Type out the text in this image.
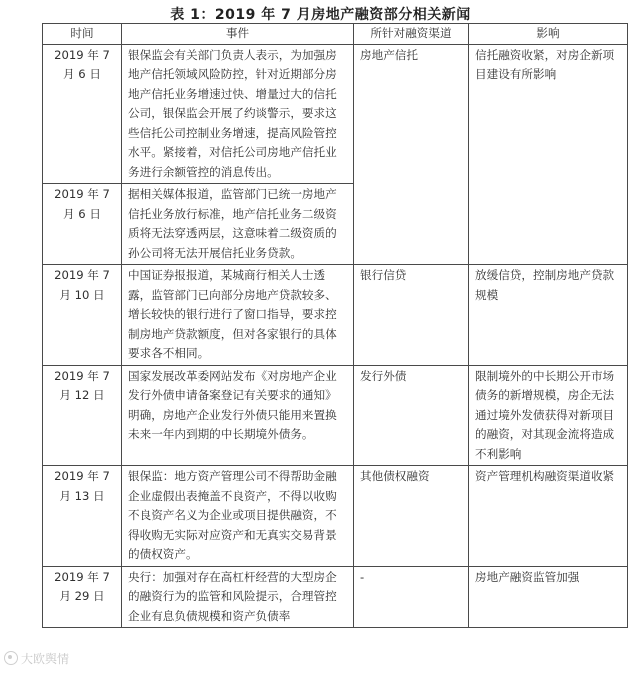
表 1：2019 年 7 月房地产融资部分相关新闻
时间	事件	所针对融资渠道	影响
2019 年 7 月 6 日	银保监会有关部门负责人表示，为加强房地产信托领域风险防控，针对近期部分房地产信托业务增速过快、增量过大的信托公司，银保监会开展了约谈警示，要求这些信托公司控制业务增速，提高风险管控水平。紧接着，对信托公司房地产信托业务进行余额管控的消息传出。	房地产信托	信托融资收紧，对房企新项目建设有所影响
2019 年 7 月 6 日	据相关媒体报道，监管部门已统一房地产信托业务放行标准，地产信托业务二级资质将无法穿透两层，这意味着二级资质的孙公司将无法开展信托业务贷款。		
2019 年 7 月 10 日	中国证券报报道，某城商行相关人士透露，监管部门已向部分房地产贷款较多、增长较快的银行进行了窗口指导，要求控制房地产贷款额度，但对各家银行的具体要求各不相同。	银行信贷	放缓信贷，控制房地产贷款规模
2019 年 7 月 12 日	国家发展改革委网站发布《对房地产企业发行外债申请备案登记有关要求的通知》明确，房地产企业发行外债只能用来置换未来一年内到期的中长期境外债务。	发行外债	限制境外的中长期公开市场债务的新增规模，房企无法通过境外发债获得对新项目的融资，对其现金流将造成不利影响
2019 年 7 月 13 日	银保监：地方资产管理公司不得帮助金融企业虚假出表掩盖不良资产，不得以收购不良资产名义为企业或项目提供融资，不得收购无实际对应资产和无真实交易背景的债权资产。	其他债权融资	资产管理机构融资渠道收紧
2019 年 7 月 29 日	央行：加强对存在高杠杆经营的大型房企的融资行为的监管和风险提示，合理管控企业有息负债规模和资产负债率	-	房地产融资监管加强
大欧舆情
